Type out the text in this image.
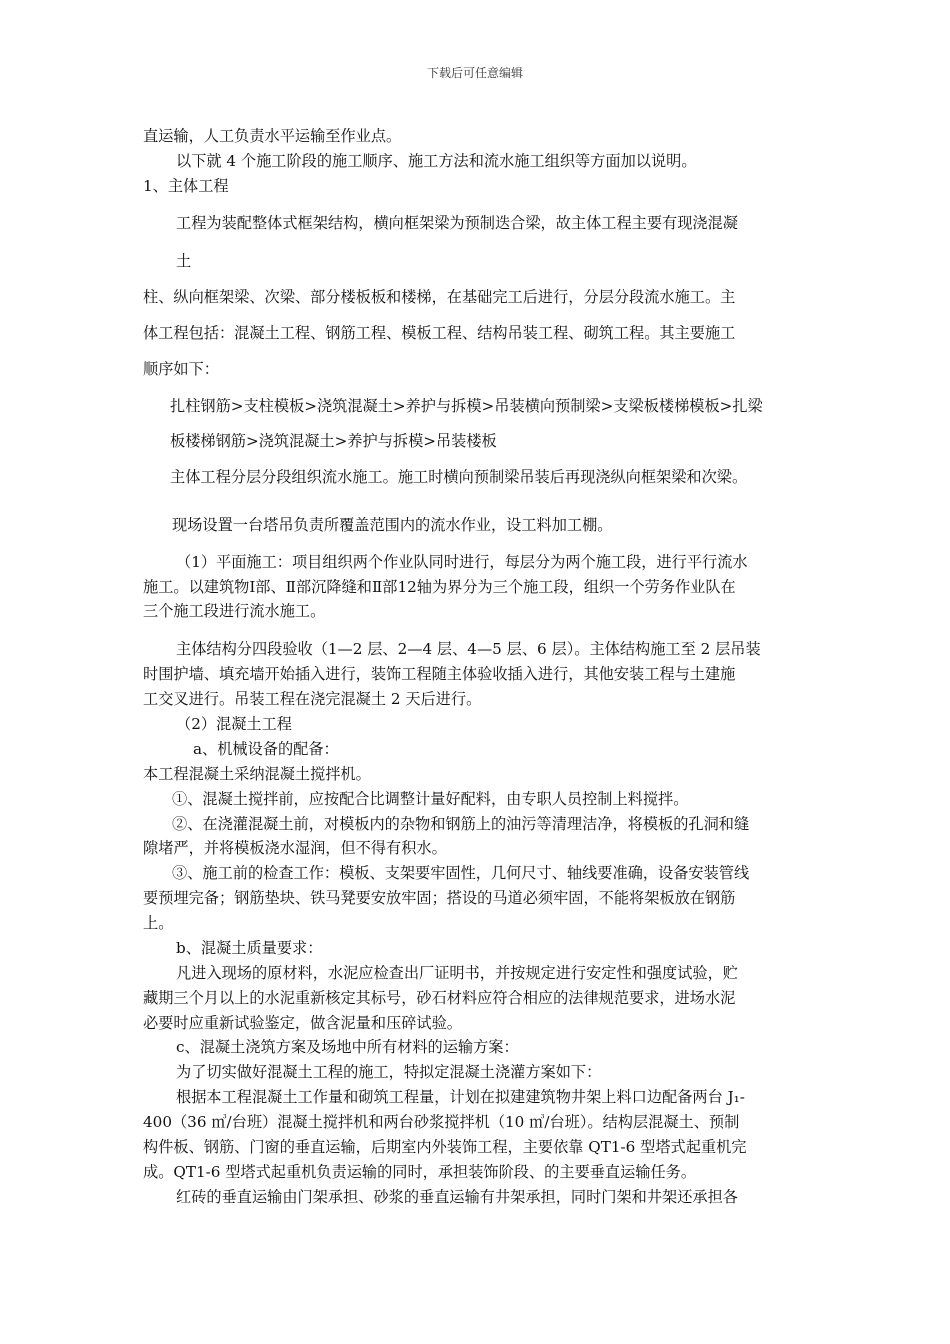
下载后可任意编辑
直运输，人工负责水平运输至作业点。
以下就 4 个施工阶段的施工顺序、施工方法和流水施工组织等方面加以说明。
1、主体工程
工程为装配整体式框架结构，横向框架梁为预制迭合梁，故主体工程主要有现浇混凝
土
柱、纵向框架梁、次梁、部分楼板板和楼梯，在基础完工后进行，分层分段流水施工。主
体工程包括：混凝土工程、钢筋工程、模板工程、结构吊装工程、砌筑工程。其主要施工
顺序如下：
扎柱钢筋>支柱模板>浇筑混凝土>养护与拆模>吊装横向预制梁>支梁板楼梯模板>扎梁
板楼梯钢筋>浇筑混凝土>养护与拆模>吊装楼板
主体工程分层分段组织流水施工。施工时横向预制梁吊装后再现浇纵向框架梁和次梁。
现场设置一台塔吊负责所覆盖范围内的流水作业，设工料加工棚。
（1）平面施工：项目组织两个作业队同时进行，每层分为两个施工段，进行平行流水
施工。以建筑物Ⅰ部、Ⅱ部沉降缝和Ⅱ部12轴为界分为三个施工段，组织一个劳务作业队在
三个施工段进行流水施工。
主体结构分四段验收（1—2 层、2—4 层、4—5 层、6 层）。主体结构施工至 2 层吊装
时围护墙、填充墙开始插入进行，装饰工程随主体验收插入进行，其他安装工程与土建施
工交叉进行。吊装工程在浇完混凝土 2 天后进行。
（2）混凝土工程
a、机械设备的配备：
本工程混凝土采纳混凝土搅拌机。
①、混凝土搅拌前，应按配合比调整计量好配料，由专职人员控制上料搅拌。
②、在浇灌混凝土前，对模板内的杂物和钢筋上的油污等清理洁净，将模板的孔洞和缝
隙堵严，并将模板浇水湿润，但不得有积水。
③、施工前的检查工作：模板、支架要牢固性，几何尺寸、轴线要准确，设备安装管线
要预埋完备；钢筋垫块、铁马凳要安放牢固；搭设的马道必须牢固，不能将架板放在钢筋
上。
b、混凝土质量要求：
凡进入现场的原材料，水泥应检查出厂证明书，并按规定进行安定性和强度试验，贮
藏期三个月以上的水泥重新核定其标号，砂石材料应符合相应的法律规范要求，进场水泥
必要时应重新试验鉴定，做含泥量和压碎试验。
c、混凝土浇筑方案及场地中所有材料的运输方案：
为了切实做好混凝土工程的施工，特拟定混凝土浇灌方案如下：
根据本工程混凝土工作量和砌筑工程量，计划在拟建建筑物井架上料口边配备两台 J₁-
400（36 ㎥/台班）混凝土搅拌机和两台砂浆搅拌机（10 ㎥/台班）。结构层混凝土、预制
构件板、钢筋、门窗的垂直运输，后期室内外装饰工程，主要依靠 QT1-6 型塔式起重机完
成。QT1-6 型塔式起重机负责运输的同时，承担装饰阶段、的主要垂直运输任务。
红砖的垂直运输由门架承担、砂浆的垂直运输有井架承担，同时门架和井架还承担各
